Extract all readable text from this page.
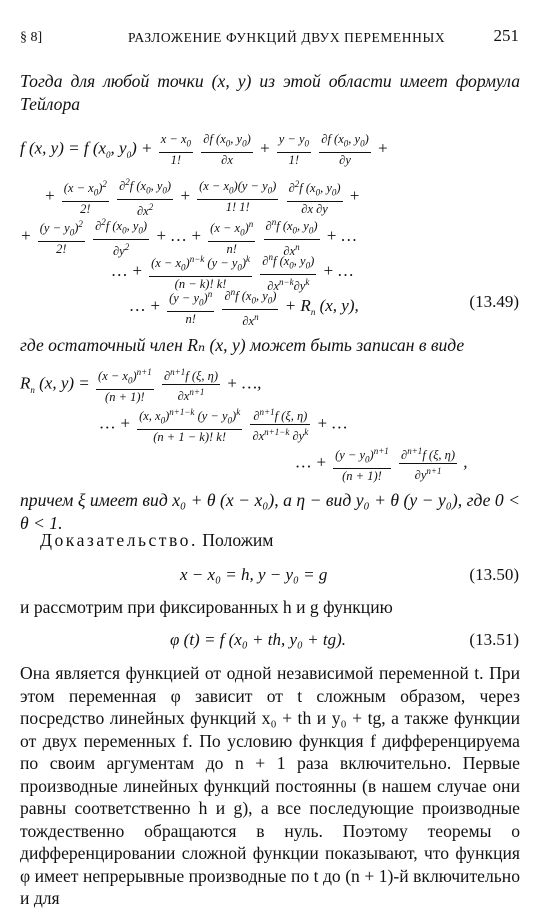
§ 8]	РАЗЛОЖЕНИЕ ФУНКЦИЙ ДВУХ ПЕРЕМЕННЫХ	251
Тогда для любой точки (x, y) из этой области имеет формула Тейлора
f (x, y) = f ($x_0$, $y_0) + \frac{x - x_0}{1!}$
$\frac{\partial f (x_0, y_0)}{\partial x} + \frac{y - y_0}{1!}$
$\frac{\partial f (x_0, y_0)}{\partial y}$ +
+ $\frac{(x - x_0)^2}{2!}$
$\frac{\partial^2f (x_0, y_0)}{\partial x^2} + \frac{(x - x_0)(y - y_0)}{1! 1!}$
$\frac{\partial^2f (x_0, y_0)}{\partial x \partial y}$ +
+ $\frac{(y - y_0)^2}{2!}$
$\frac{\partial^2f (x_0, y_0)}{\partial y^2}$ + … + $\frac{(x - x_0)^n}{n!}$
$\frac{\partial^nf (x_0, y_0)}{\partial x^n}$ + …
… + $\frac{(x - x_0)^{n-k} (y - y_0)^k}{(n - k)! k!}$
$\frac{\partial^nf (x_0, y_0)}{\partial x^{n-k}\partial y^k}$ + …
… + $\frac{(y - y_0)^n}{n!}$
$\frac{\partial^nf (x_0, y_0)}{\partial x^n} + R_n$ (x, y),	(13.49)
где остаточный член Rₙ (x, y) может быть записан в виде
$R_n$ (x, $y) = \frac{(x - x_0)^{n+1}}{(n + 1)!}$
$\frac{\partial^{n+1}f (\xi, \eta)}{\partial x^{n+1}}$ + …,
… + $\frac{(x, x_0)^{n+1-k} (y - y_0)^k}{(n + 1 - k)! k!}$
$\frac{\partial^{n+1}f (\xi, \eta)}{\partial x^{n+1-k} \partial y^k}$ + …
… + $\frac{(y - y_0)^{n+1}}{(n + 1)!}$
$\frac{\partial^{n+1}f (\xi, \eta)}{\partial y^{n+1}}$ ,
причем ξ имеет вид x₀ + θ (x − x₀), а η − вид y₀ + θ (y − y₀), где 0 < θ < 1.
Доказательство. Положим
x − x₀ = h, y − y₀ = g	(13.50)
и рассмотрим при фиксированных h и g функцию
φ (t) = f (x₀ + th, y₀ + tg).	(13.51)
Она является функцией от одной независимой переменной t. При этом переменная φ зависит от t сложным образом, через посредство линейных функций x₀ + th и y₀ + tg, а также функции от двух переменных f. По условию функция f дифференцируема по своим аргументам до n + 1 раза включительно. Первые производные линейных функций постоянны (в нашем случае они равны соответственно h и g), а все последующие производные тождественно обращаются в нуль. Поэтому теоремы о дифференцировании сложной функции показывают, что функция φ имеет непрерывные производные по t до (n + 1)-й включительно и для
